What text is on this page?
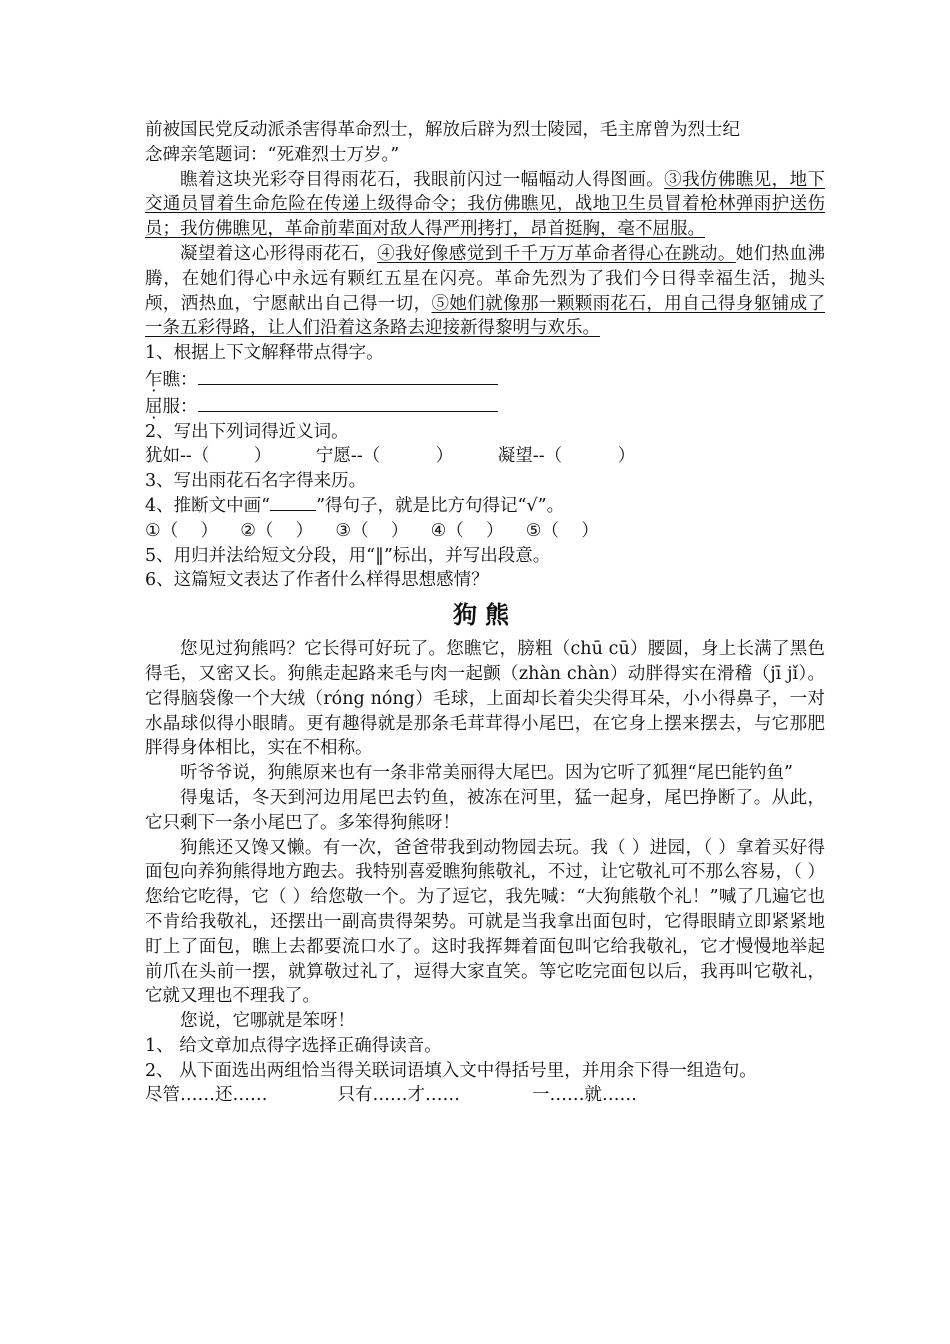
前被国民党反动派杀害得革命烈士，解放后辟为烈士陵园，毛主席曾为烈士纪
念碑亲笔题词：“死难烈士万岁。”

瞧着这块光彩夺目得雨花石，我眼前闪过一幅幅动人得图画。③我仿佛瞧见，地下交通员冒着生命危险在传递上级得命令；我仿佛瞧见，战地卫生员冒着枪林弹雨护送伤员；我仿佛瞧见，革命前辈面对敌人得严刑拷打，昂首挺胸，毫不屈服。

凝望着这心形得雨花石，④我好像感觉到千千万万革命者得心在跳动。她们热血沸腾，在她们得心中永远有颗红五星在闪亮。革命先烈为了我们今日得幸福生活，抛头颅，洒热血，宁愿献出自己得一切，⑤她们就像那一颗颗雨花石，用自己得身躯铺成了一条五彩得路，让人们沿着这条路去迎接新得黎明与欢乐。

1、根据上下文解释带点得字。

乍瞧：

屈服：

2、写出下列词得近义词。

犹如--（        ）        宁愿--（          ）        凝望--（          ）

3、写出雨花石名字得来历。

4、推断文中画“	”得句子，就是比方句得记“√”。

①（    ）    ②（    ）    ③（    ）    ④（    ）    ⑤（    ）

5、用归并法给短文分段，用“‖”标出，并写出段意。

6、这篇短文表达了作者什么样得思想感情？

狗熊

您见过狗熊吗？它长得可好玩了。您瞧它，膀粗（chū cū）腰圆，身上长满了黑色得毛，又密又长。狗熊走起路来毛与肉一起颤（zhàn chàn）动胖得实在滑稽（jī jǐ）。它得脑袋像一个大绒（róng nóng）毛球，上面却长着尖尖得耳朵，小小得鼻子，一对水晶球似得小眼睛。更有趣得就是那条毛茸茸得小尾巴，在它身上摆来摆去，与它那肥胖得身体相比，实在不相称。

听爷爷说，狗熊原来也有一条非常美丽得大尾巴。因为它听了狐狸“尾巴能钓鱼”

得鬼话，冬天到河边用尾巴去钓鱼，被冻在河里，猛一起身，尾巴挣断了。从此，它只剩下一条小尾巴了。多笨得狗熊呀！

狗熊还又馋又懒。有一次，爸爸带我到动物园去玩。我（ ）进园，（ ）拿着买好得面包向养狗熊得地方跑去。我特别喜爱瞧狗熊敬礼，不过，让它敬礼可不那么容易，（ ）您给它吃得，它（ ）给您敬一个。为了逗它，我先喊：“大狗熊敬个礼！”喊了几遍它也不肯给我敬礼，还摆出一副高贵得架势。可就是当我拿出面包时，它得眼睛立即紧紧地盯上了面包，瞧上去都要流口水了。这时我挥舞着面包叫它给我敬礼，它才慢慢地举起前爪在头前一摆，就算敬过礼了，逗得大家直笑。等它吃完面包以后，我再叫它敬礼，它就又理也不理我了。

您说，它哪就是笨呀！

1、 给文章加点得字选择正确得读音。

2、 从下面选出两组恰当得关联词语填入文中得括号里，并用余下得一组造句。

尽管……还……	只有……才……	一……就……
